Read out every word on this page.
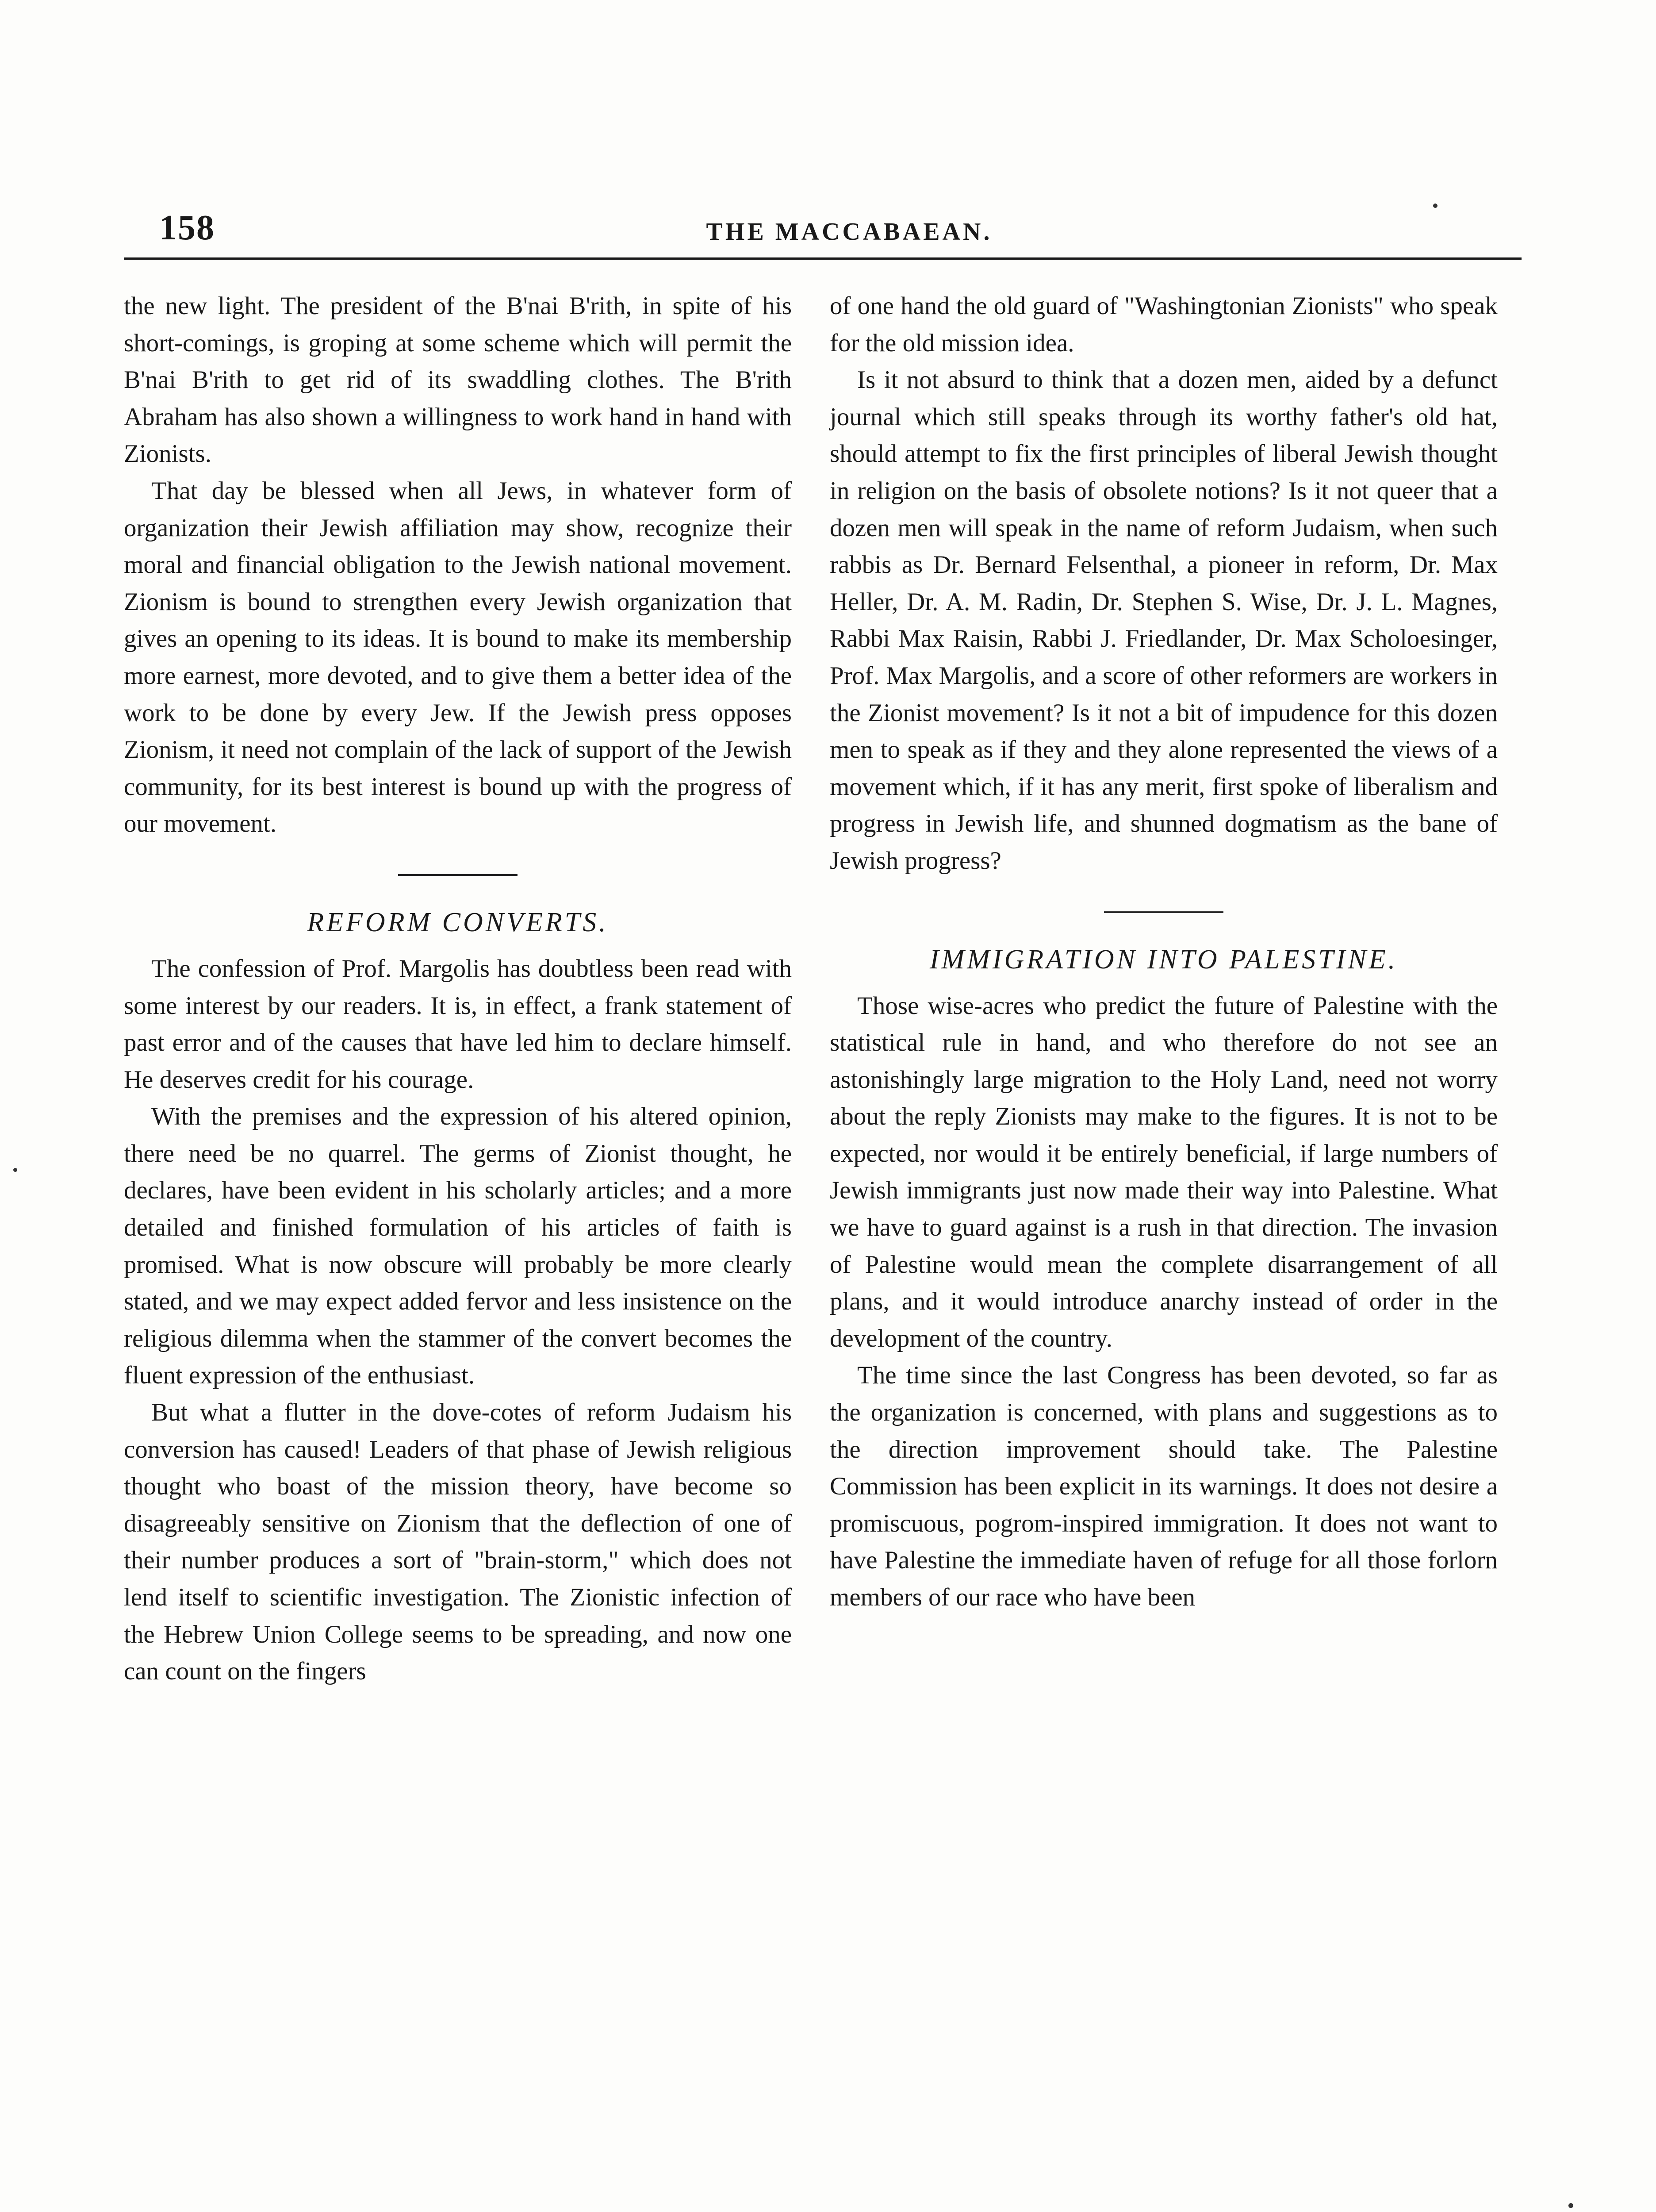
158	THE MACCABAEAN.

the new light. The president of the B'nai B'rith, in spite of his short-comings, is groping at some scheme which will permit the B'nai B'rith to get rid of its swaddling clothes. The B'rith Abraham has also shown a willingness to work hand in hand with Zionists.

That day be blessed when all Jews, in whatever form of organization their Jewish affiliation may show, recognize their moral and financial obligation to the Jewish national movement. Zionism is bound to strengthen every Jewish organization that gives an opening to its ideas. It is bound to make its membership more earnest, more devoted, and to give them a better idea of the work to be done by every Jew. If the Jewish press opposes Zionism, it need not complain of the lack of support of the Jewish community, for its best interest is bound up with the progress of our movement.

REFORM CONVERTS.

The confession of Prof. Margolis has doubtless been read with some interest by our readers. It is, in effect, a frank statement of past error and of the causes that have led him to declare himself. He deserves credit for his courage.

With the premises and the expression of his altered opinion, there need be no quarrel. The germs of Zionist thought, he declares, have been evident in his scholarly articles; and a more detailed and finished formulation of his articles of faith is promised. What is now obscure will probably be more clearly stated, and we may expect added fervor and less insistence on the religious dilemma when the stammer of the convert becomes the fluent expression of the enthusiast.

But what a flutter in the dove-cotes of reform Judaism his conversion has caused! Leaders of that phase of Jewish religious thought who boast of the mission theory, have become so disagreeably sensitive on Zionism that the deflection of one of their number produces a sort of "brain-storm," which does not lend itself to scientific investigation. The Zionistic infection of the Hebrew Union College seems to be spreading, and now one can count on the fingers

of one hand the old guard of "Washingtonian Zionists" who speak for the old mission idea.

Is it not absurd to think that a dozen men, aided by a defunct journal which still speaks through its worthy father's old hat, should attempt to fix the first principles of liberal Jewish thought in religion on the basis of obsolete notions? Is it not queer that a dozen men will speak in the name of reform Judaism, when such rabbis as Dr. Bernard Felsenthal, a pioneer in reform, Dr. Max Heller, Dr. A. M. Radin, Dr. Stephen S. Wise, Dr. J. L. Magnes, Rabbi Max Raisin, Rabbi J. Friedlander, Dr. Max Scholoesinger, Prof. Max Margolis, and a score of other reformers are workers in the Zionist movement? Is it not a bit of impudence for this dozen men to speak as if they and they alone represented the views of a movement which, if it has any merit, first spoke of liberalism and progress in Jewish life, and shunned dogmatism as the bane of Jewish progress?

IMMIGRATION INTO PALESTINE.

Those wise-acres who predict the future of Palestine with the statistical rule in hand, and who therefore do not see an astonishingly large migration to the Holy Land, need not worry about the reply Zionists may make to the figures. It is not to be expected, nor would it be entirely beneficial, if large numbers of Jewish immigrants just now made their way into Palestine. What we have to guard against is a rush in that direction. The invasion of Palestine would mean the complete disarrangement of all plans, and it would introduce anarchy instead of order in the development of the country.

The time since the last Congress has been devoted, so far as the organization is concerned, with plans and suggestions as to the direction improvement should take. The Palestine Commission has been explicit in its warnings. It does not desire a promiscuous, pogrom-inspired immigration. It does not want to have Palestine the immediate haven of refuge for all those forlorn members of our race who have been
